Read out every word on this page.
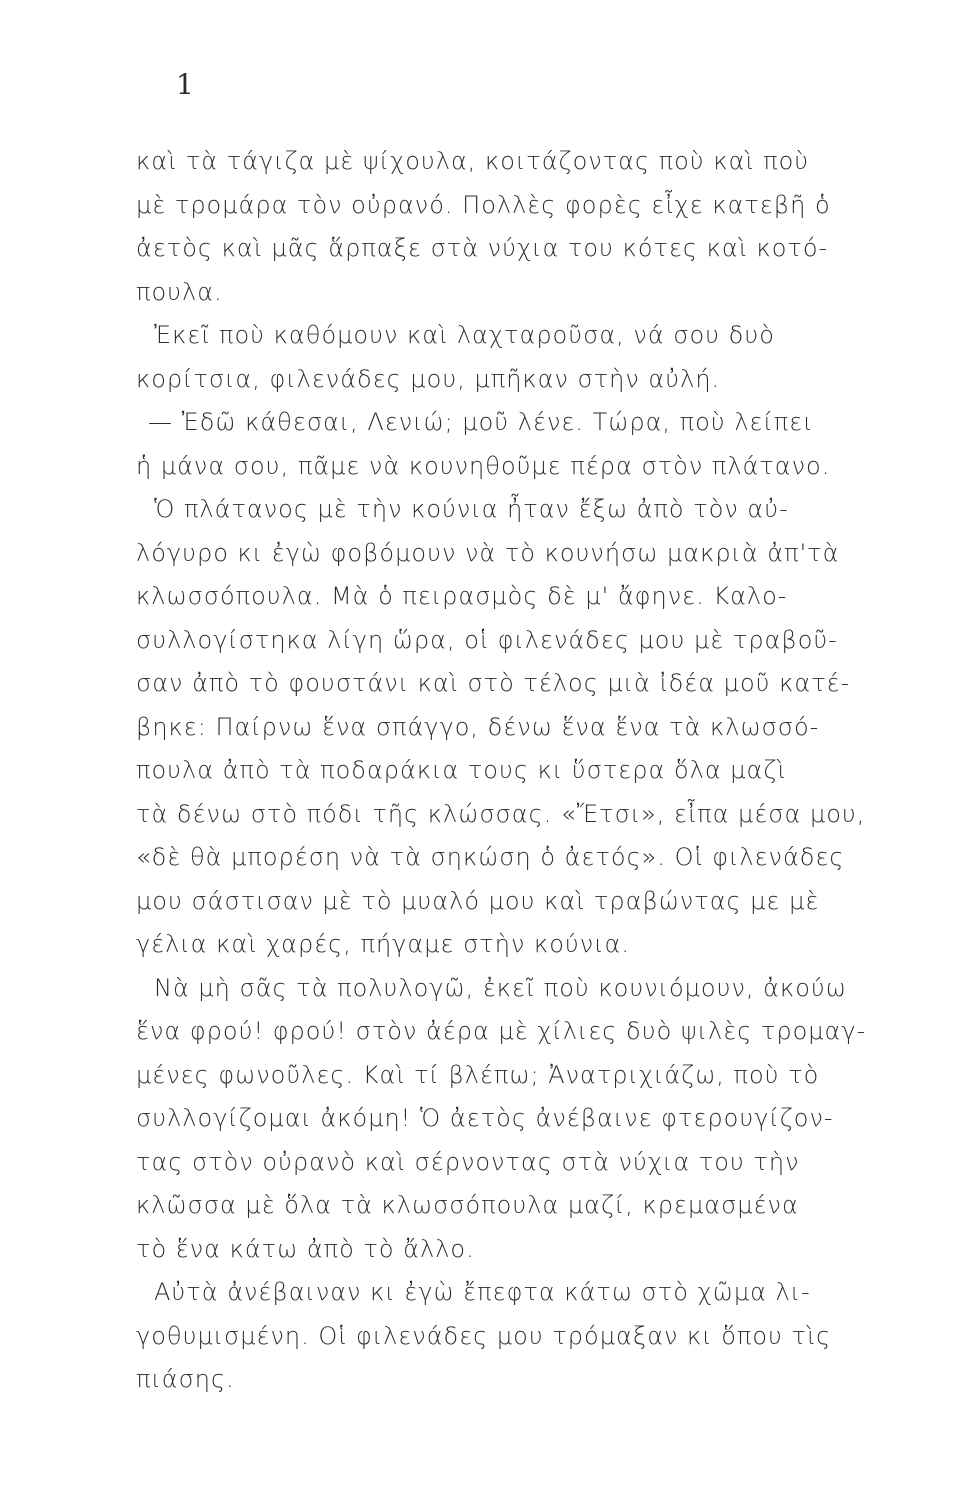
1
καὶ τὰ τάγιζα μὲ ψίχουλα, κοιτάζοντας ποὺ καὶ ποὺ
μὲ τρομάρα τὸν οὐρανό. Πολλὲς φορὲς εἶχε κατεβῆ ὁ
ἀετὸς καὶ μᾶς ἅρπαξε στὰ νύχια του κότες καὶ κοτό-
πουλα.
Ἐκεῖ ποὺ καθόμουν καὶ λαχταροῦσα, νά σου δυὸ
κορίτσια, φιλενάδες μου, μπῆκαν στὴν αὐλή.
— Ἐδῶ κάθεσαι, Λενιώ; μοῦ λένε. Τώρα, ποὺ λείπει
ἡ μάνα σου, πᾶμε νὰ κουνηθοῦμε πέρα στὸν πλάτανο.
Ὁ πλάτανος μὲ τὴν κούνια ἦταν ἔξω ἀπὸ τὸν αὐ-
λόγυρο κι ἐγὼ φοβόμουν νὰ τὸ κουνήσω μακριὰ ἀπ'τὰ
κλωσσόπουλα. Μὰ ὁ πειρασμὸς δὲ μ' ἄφηνε. Καλο-
συλλογίστηκα λίγη ὥρα, οἱ φιλενάδες μου μὲ τραβοῦ-
σαν ἀπὸ τὸ φουστάνι καὶ στὸ τέλος μιὰ ἰδέα μοῦ κατέ-
βηκε: Παίρνω ἕνα σπάγγο, δένω ἕνα ἕνα τὰ κλωσσό-
πουλα ἀπὸ τὰ ποδαράκια τους κι ὕστερα ὅλα μαζὶ
τὰ δένω στὸ πόδι τῆς κλώσσας. «Ἔτσι», εἶπα μέσα μου,
«δὲ θὰ μπορέση νὰ τὰ σηκώση ὁ ἀετός». Οἱ φιλενάδες
μου σάστισαν μὲ τὸ μυαλό μου καὶ τραβώντας με μὲ
γέλια καὶ χαρές, πήγαμε στὴν κούνια.
Νὰ μὴ σᾶς τὰ πολυλογῶ, ἐκεῖ ποὺ κουνιόμουν, ἀκούω
ἕνα φρού! φρού! στὸν ἀέρα μὲ χίλιες δυὸ ψιλὲς τρομαγ-
μένες φωνοῦλες. Καὶ τί βλέπω; Ἀνατριχιάζω, ποὺ τὸ
συλλογίζομαι ἀκόμη! Ὁ ἀετὸς ἀνέβαινε φτερουγίζον-
τας στὸν οὐρανὸ καὶ σέρνοντας στὰ νύχια του τὴν
κλῶσσα μὲ ὅλα τὰ κλωσσόπουλα μαζί, κρεμασμένα
τὸ ἕνα κάτω ἀπὸ τὸ ἄλλο.
Αὐτὰ ἀνέβαιναν κι ἐγὼ ἔπεφτα κάτω στὸ χῶμα λι-
γοθυμισμένη. Οἱ φιλενάδες μου τρόμαξαν κι ὅπου τὶς
πιάσης.
